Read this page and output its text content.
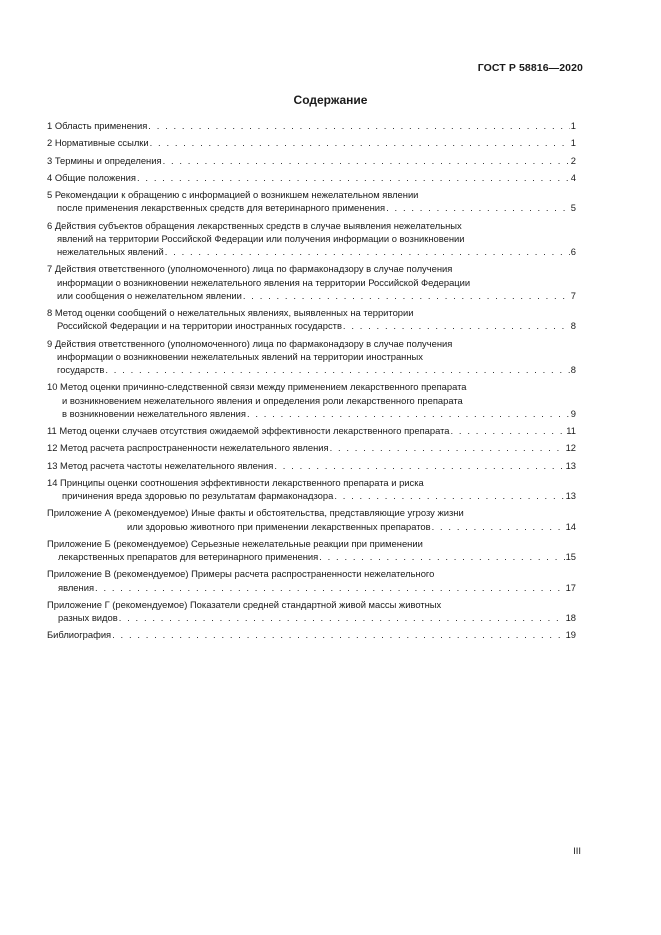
ГОСТ Р 58816—2020
Содержание
1 Область применения . . .	1
2 Нормативные ссылки . . .	1
3 Термины и определения . . .	2
4 Общие положения . . .	4
5 Рекомендации к обращению с информацией о возникшем нежелательном явлении
после применения лекарственных средств для ветеринарного применения . . .	5
6 Действия субъектов обращения лекарственных средств в случае выявления нежелательных
явлений на территории Российской Федерации или получения информации о возникновении
нежелательных явлений . . .	6
7 Действия ответственного (уполномоченного) лица по фармаконадзору в случае получения
информации о возникновении нежелательного явления на территории Российской Федерации
или сообщения о нежелательном явлении . . .	7
8 Метод оценки сообщений о нежелательных явлениях, выявленных на территории
Российской Федерации и на территории иностранных государств . . .	8
9 Действия ответственного (уполномоченного) лица по фармаконадзору в случае получения
информации о возникновении нежелательных явлений на территории иностранных
государств . . .	8
10 Метод оценки причинно-следственной связи между применением лекарственного препарата
и возникновением нежелательного явления и определения роли лекарственного препарата
в возникновении нежелательного явления . . .	9
11 Метод оценки случаев отсутствия ожидаемой эффективности лекарственного препарата . . .	11
12 Метод расчета распространенности нежелательного явления . . .	12
13 Метод расчета частоты нежелательного явления . . .	13
14 Принципы оценки соотношения эффективности лекарственного препарата и риска
причинения вреда здоровью по результатам фармаконадзора . . .	13
Приложение А (рекомендуемое) Иные факты и обстоятельства, представляющие угрозу жизни
или здоровью животного при применении лекарственных препаратов . . .	14
Приложение Б (рекомендуемое) Серьезные нежелательные реакции при применении
лекарственных препаратов для ветеринарного применения . . .	15
Приложение В (рекомендуемое) Примеры расчета распространенности нежелательного
явления . . .	17
Приложение Г (рекомендуемое) Показатели средней стандартной живой массы животных
разных видов . . .	18
Библиография . . .	19
III
